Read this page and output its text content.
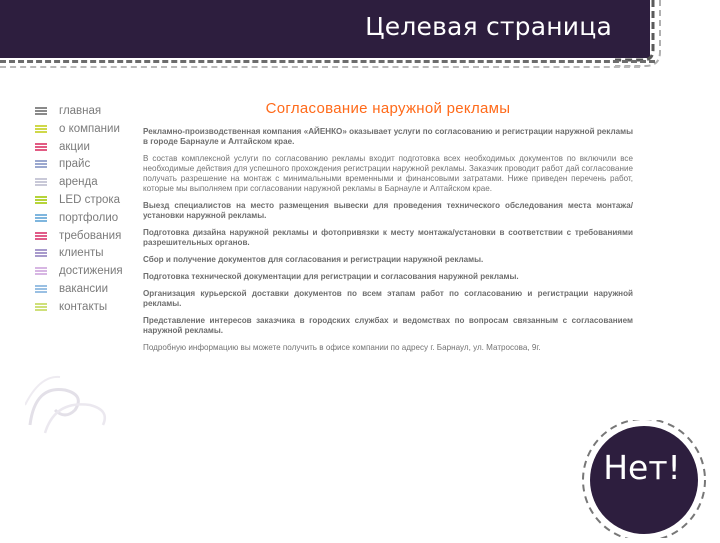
Целевая страница
главная
о компании
акции
прайс
аренда
LED строка
портфолио
требования
клиенты
достижения
вакансии
контакты
Согласование наружной рекламы

Рекламно-производственная компания «АЙЕНКО» оказывает услуги по согласованию и регистрации наружной рекламы в городе Барнауле и Алтайском крае.

В состав комплексной услуги по согласованию рекламы входит подготовка всех необходимых документов по включили все необходимые действия для успешного прохождения регистрации наружной рекламы. Заказчик проводит работ дай согласование получать разрешение на монтаж с минимальными временными и финансовыми затратами. Ниже приведен перечень работ, которые мы выполняем при согласовании наружной рекламы в Барнауле и Алтайском крае.

Выезд специалистов на место размещения вывески для проведения технического обследования места монтажа/установки наружной рекламы.

Подготовка дизайна наружной рекламы и фотопривязки к месту монтажа/установки в соответствии с требованиями разрешительных органов.

Сбор и получение документов для согласования и регистрации наружной рекламы.

Подготовка технической документации для регистрации и согласования наружной рекламы.

Организация курьерской доставки документов по всем этапам работ по согласованию и регистрации наружной рекламы.

Представление интересов заказчика в городских службах и ведомствах по вопросам связанным с согласованием наружной рекламы.

Подробную информацию вы можете получить в офисе компании по адресу г. Барнаул, ул. Матросова, 9г.

Нет!
